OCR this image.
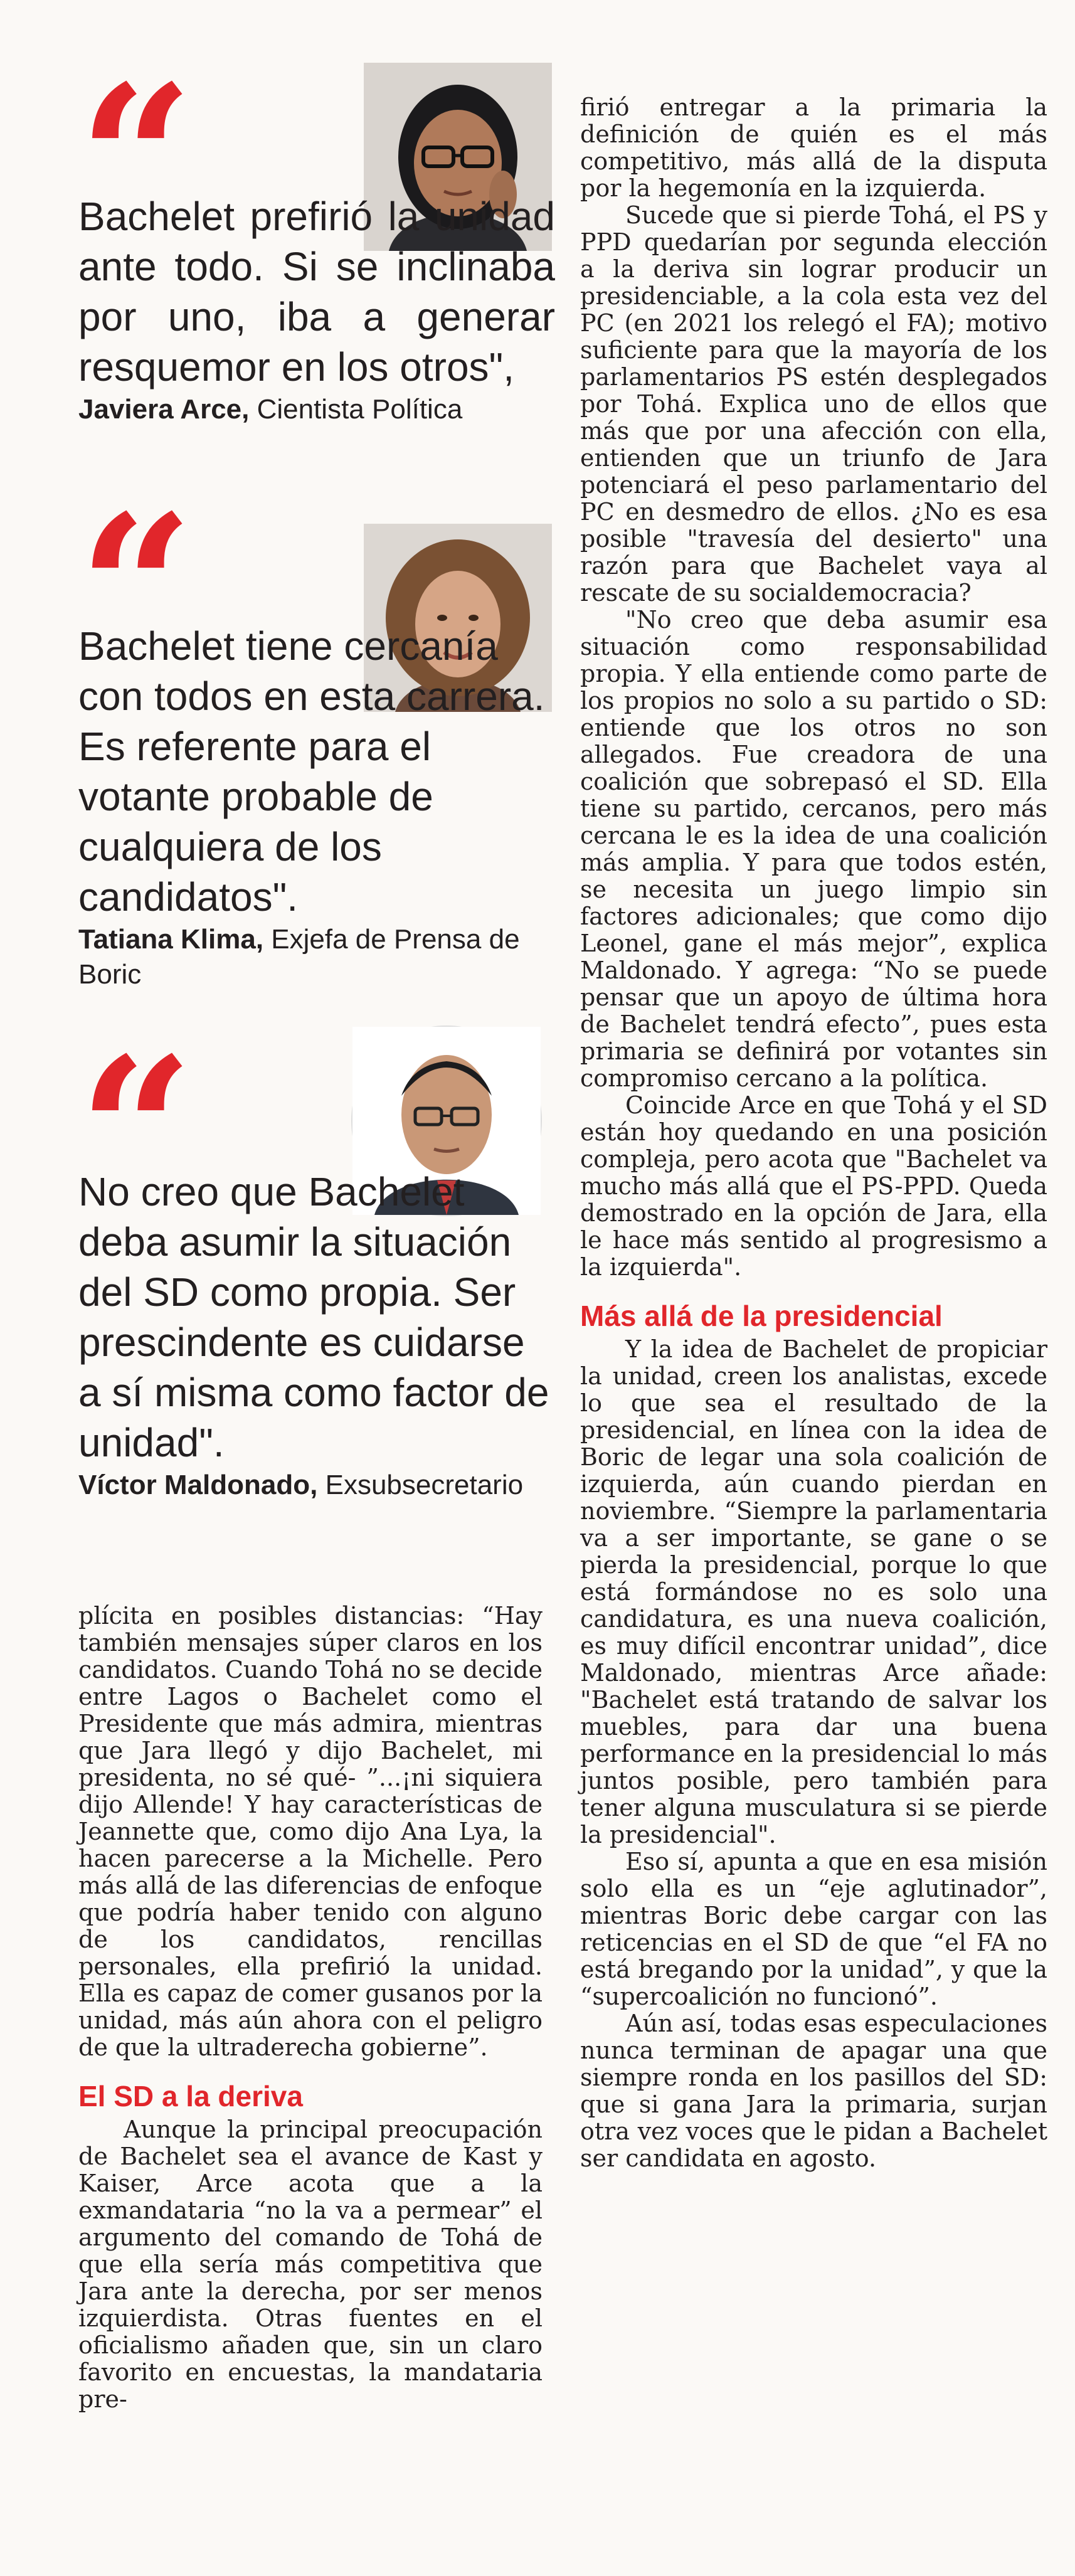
“
Bachelet prefirió la unidad ante todo. Si se inclinaba por uno, iba a generar resquemor en los otros",
Javiera Arce, Cientista Política
“
Bachelet tiene cercanía con todos en esta carrera. Es referente para el votante probable de cualquiera de los candidatos".
Tatiana Klima, Exjefa de Prensa de Boric
“
No creo que Bachelet deba asumir la situación del SD como propia. Ser prescindente es cuidarse a sí misma como factor de unidad".
Víctor Maldonado, Exsubsecretario

plícita en posibles distancias: “Hay también mensajes súper claros en los candidatos. Cuando Tohá no se decide entre Lagos o Bachelet como el Presidente que más admira, mientras que Jara llegó y dijo Bachelet, mi presidenta, no sé qué- ”...¡ni siquiera dijo Allende! Y hay características de Jeannette que, como dijo Ana Lya, la hacen parecerse a la Michelle. Pero más allá de las diferencias de enfoque que podría haber tenido con alguno de los candidatos, rencillas personales, ella prefirió la unidad. Ella es capaz de comer gusanos por la unidad, más aún ahora con el peligro de que la ultraderecha gobierne”.

El SD a la deriva

Aunque la principal preocupación de Bachelet sea el avance de Kast y Kaiser, Arce acota que a la exmandataria “no la va a permear” el argumento del comando de Tohá de que ella sería más competitiva que Jara ante la derecha, por ser menos izquierdista. Otras fuentes en el oficialismo añaden que, sin un claro favorito en encuestas, la mandataria pre-

firió entregar a la primaria la definición de quién es el más competitivo, más allá de la disputa por la hegemonía en la izquierda.

Sucede que si pierde Tohá, el PS y PPD quedarían por segunda elección a la deriva sin lograr producir un presidenciable, a la cola esta vez del PC (en 2021 los relegó el FA); motivo suficiente para que la mayoría de los parlamentarios PS estén desplegados por Tohá. Explica uno de ellos que más que por una afección con ella, entienden que un triunfo de Jara potenciará el peso parlamentario del PC en desmedro de ellos. ¿No es esa posible "travesía del desierto" una razón para que Bachelet vaya al rescate de su socialdemocracia?

"No creo que deba asumir esa situación como responsabilidad propia. Y ella entiende como parte de los propios no solo a su partido o SD: entiende que los otros no son allegados. Fue creadora de una coalición que sobrepasó el SD. Ella tiene su partido, cercanos, pero más cercana le es la idea de una coalición más amplia. Y para que todos estén, se necesita un juego limpio sin factores adicionales; que como dijo Leonel, gane el más mejor”, explica Maldonado. Y agrega: “No se puede pensar que un apoyo de última hora de Bachelet tendrá efecto”, pues esta primaria se definirá por votantes sin compromiso cercano a la política.

Coincide Arce en que Tohá y el SD están hoy quedando en una posición compleja, pero acota que "Bachelet va mucho más allá que el PS-PPD. Queda demostrado en la opción de Jara, ella le hace más sentido al progresismo a la izquierda".

Más allá de la presidencial

Y la idea de Bachelet de propiciar la unidad, creen los analistas, excede lo que sea el resultado de la presidencial, en línea con la idea de Boric de legar una sola coalición de izquierda, aún cuando pierdan en noviembre. “Siempre la parlamentaria va a ser importante, se gane o se pierda la presidencial, porque lo que está formándose no es solo una candidatura, es una nueva coalición, es muy difícil encontrar unidad”, dice Maldonado, mientras Arce añade: "Bachelet está tratando de salvar los muebles, para dar una buena performance en la presidencial lo más juntos posible, pero también para tener alguna musculatura si se pierde la presidencial".

Eso sí, apunta a que en esa misión solo ella es un “eje aglutinador”, mientras Boric debe cargar con las reticencias en el SD de que “el FA no está bregando por la unidad”, y que la “supercoalición no funcionó”.

Aún así, todas esas especulaciones nunca terminan de apagar una que siempre ronda en los pasillos del SD: que si gana Jara la primaria, surjan otra vez voces que le pidan a Bachelet ser candidata en agosto.
